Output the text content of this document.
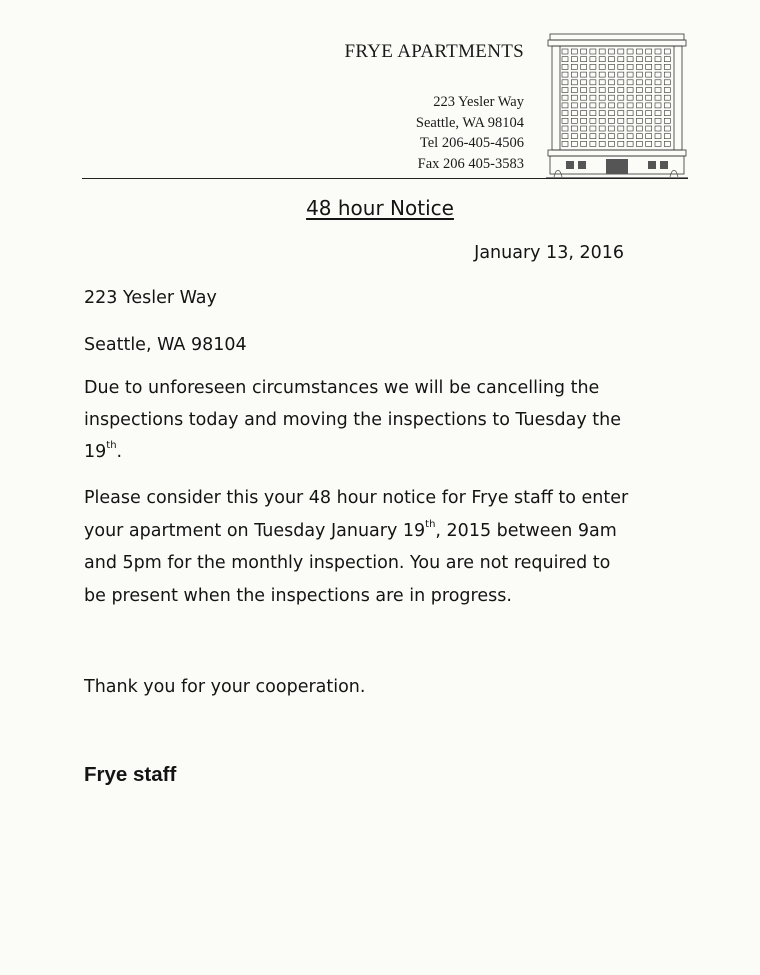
FRYE APARTMENTS
223 Yesler Way
Seattle, WA 98104
Tel 206-405-4506
Fax 206 405-3583
48 hour Notice
January 13, 2016
223 Yesler Way
Seattle, WA 98104
Due to unforeseen circumstances we will be cancelling the
inspections today and moving the inspections to Tuesday the
19th.
Please consider this your 48 hour notice for Frye staff to enter
your apartment on Tuesday January 19th, 2015 between 9am
and 5pm for the monthly inspection. You are not required to
be present when the inspections are in progress.
Thank you for your cooperation.
Frye staff
